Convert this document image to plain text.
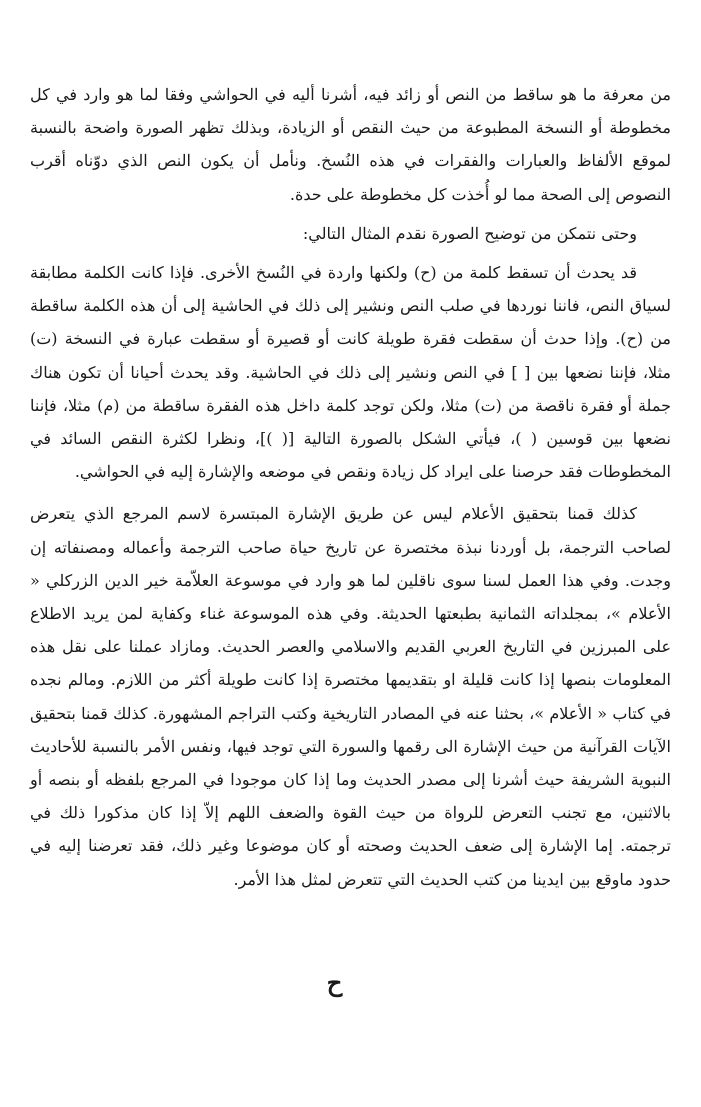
من معرفة ما هو ساقط من النص أو زائد فيه، أشرنا أليه في الحواشي وفقا لما هو وارد في كل مخطوطة أو النسخة المطبوعة من حيث النقص أو الزيادة، وبذلك تظهر الصورة واضحة بالنسبة لموقع الألفاظ والعبارات والفقرات في هذه النُسخ. ونأمل أن يكون النص الذي دوّناه أقرب النصوص إلى الصحة مما لو أُخذت كل مخطوطة على حدة.

وحتى نتمكن من توضيح الصورة نقدم المثال التالي:

قد يحدث أن تسقط كلمة من (ح) ولكنها واردة في النُسخ الأخرى. فإذا كانت الكلمة مطابقة لسياق النص، فاننا نوردها في صلب النص ونشير إلى ذلك في الحاشية إلى أن هذه الكلمة ساقطة من (ح). وإذا حدث أن سقطت فقرة طويلة كانت أو قصيرة أو سقطت عبارة في النسخة (ت) مثلا، فإننا نضعها بين [ ] في النص ونشير إلى ذلك في الحاشية. وقد يحدث أحيانا أن تكون هناك جملة أو فقرة ناقصة من (ت) مثلا، ولكن توجد كلمة داخل هذه الفقرة ساقطة من (م) مثلا، فإننا نضعها بين قوسين ( )، فيأتي الشكل بالصورة التالية [( )]، ونظرا لكثرة النقص السائد في المخطوطات فقد حرصنا على ايراد كل زيادة ونقص في موضعه والإشارة إليه في الحواشي.

كذلك قمنا بتحقيق الأعلام ليس عن طريق الإشارة المبتسرة لاسم المرجع الذي يتعرض لصاحب الترجمة، بل أوردنا نبذة مختصرة عن تاريخ حياة صاحب الترجمة وأعماله ومصنفاته إن وجدت. وفي هذا العمل لسنا سوى ناقلين لما هو وارد في موسوعة العلاّمة خير الدين الزركلي « الأعلام »، بمجلداته الثمانية بطبعتها الحديثة. وفي هذه الموسوعة غناء وكفاية لمن يريد الاطلاع على المبرزين في التاريخ العربي القديم والاسلامي والعصر الحديث. ومازاد عملنا على نقل هذه المعلومات بنصها إذا كانت قليلة او بتقديمها مختصرة إذا كانت طويلة أكثر من اللازم. ومالم نجده في كتاب « الأعلام »، بحثنا عنه في المصادر التاريخية وكتب التراجم المشهورة. كذلك قمنا بتحقيق الآيات القرآنية من حيث الإشارة الى رقمها والسورة التي توجد فيها، ونفس الأمر بالنسبة للأحاديث النبوية الشريفة حيث أشرنا إلى مصدر الحديث وما إذا كان موجودا في المرجع بلفظه أو بنصه أو بالاثنين، مع تجنب التعرض للرواة من حيث القوة والضعف اللهم إلاّ إذا كان مذكورا ذلك في ترجمته. إما الإشارة إلى ضعف الحديث وصحته أو كان موضوعا وغير ذلك، فقد تعرضنا إليه في حدود ماوقع بين ايدينا من كتب الحديث التي تتعرض لمثل هذا الأمر.

ح
